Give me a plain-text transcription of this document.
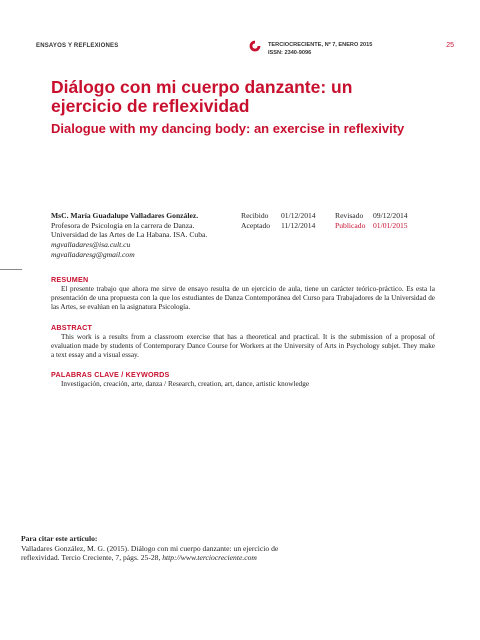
ENSAYOS Y REFLEXIONES	TERCIOCRECIENTE, Nº 7, ENERO 2015
ISSN: 2340-9096
25
Diálogo con mi cuerpo danzante: un
ejercicio de reflexividad
Dialogue with my dancing body: an exercise in reflexivity
MsC. María Guadalupe Valladares González.
Profesora de Psicología en la carrera de Danza.
Universidad de las Artes de La Habana. ISA. Cuba.
mgvalladares@isa.cult.cu
mgvalladaresg@gmail.com
Recibido	01/12/2014	Revisado	09/12/2014
Aceptado	11/12/2014	Publicado	01/01/2015
RESUMEN

El presente trabajo que ahora me sirve de ensayo resulta de un ejercicio de aula, tiene un carácter teórico-práctico. Es esta la presentación de una propuesta con la que los estudiantes de Danza Contemporánea del Curso para Trabajadores de la Universidad de las Artes, se evalúan en la asignatura Psicología.

ABSTRACT

This work is a results from a classroom exercise that has a theoretical and practical. It is the submission of a proposal of evaluation made by students of Contemporary Dance Course for Workers at the University of Arts in Psychology subjet. They make a text essay and a visual essay.

PALABRAS CLAVE / KEYWORDS

Investigación, creación, arte, danza / Research, creation, art, dance, artistic knowledge

Para citar este artículo:
Valladares González, M. G. (2015). Diálogo con mi cuerpo danzante: un ejercicio de
reflexividad. Tercio Creciente, 7, págs. 25-28, http://www.terciocreciente.com
